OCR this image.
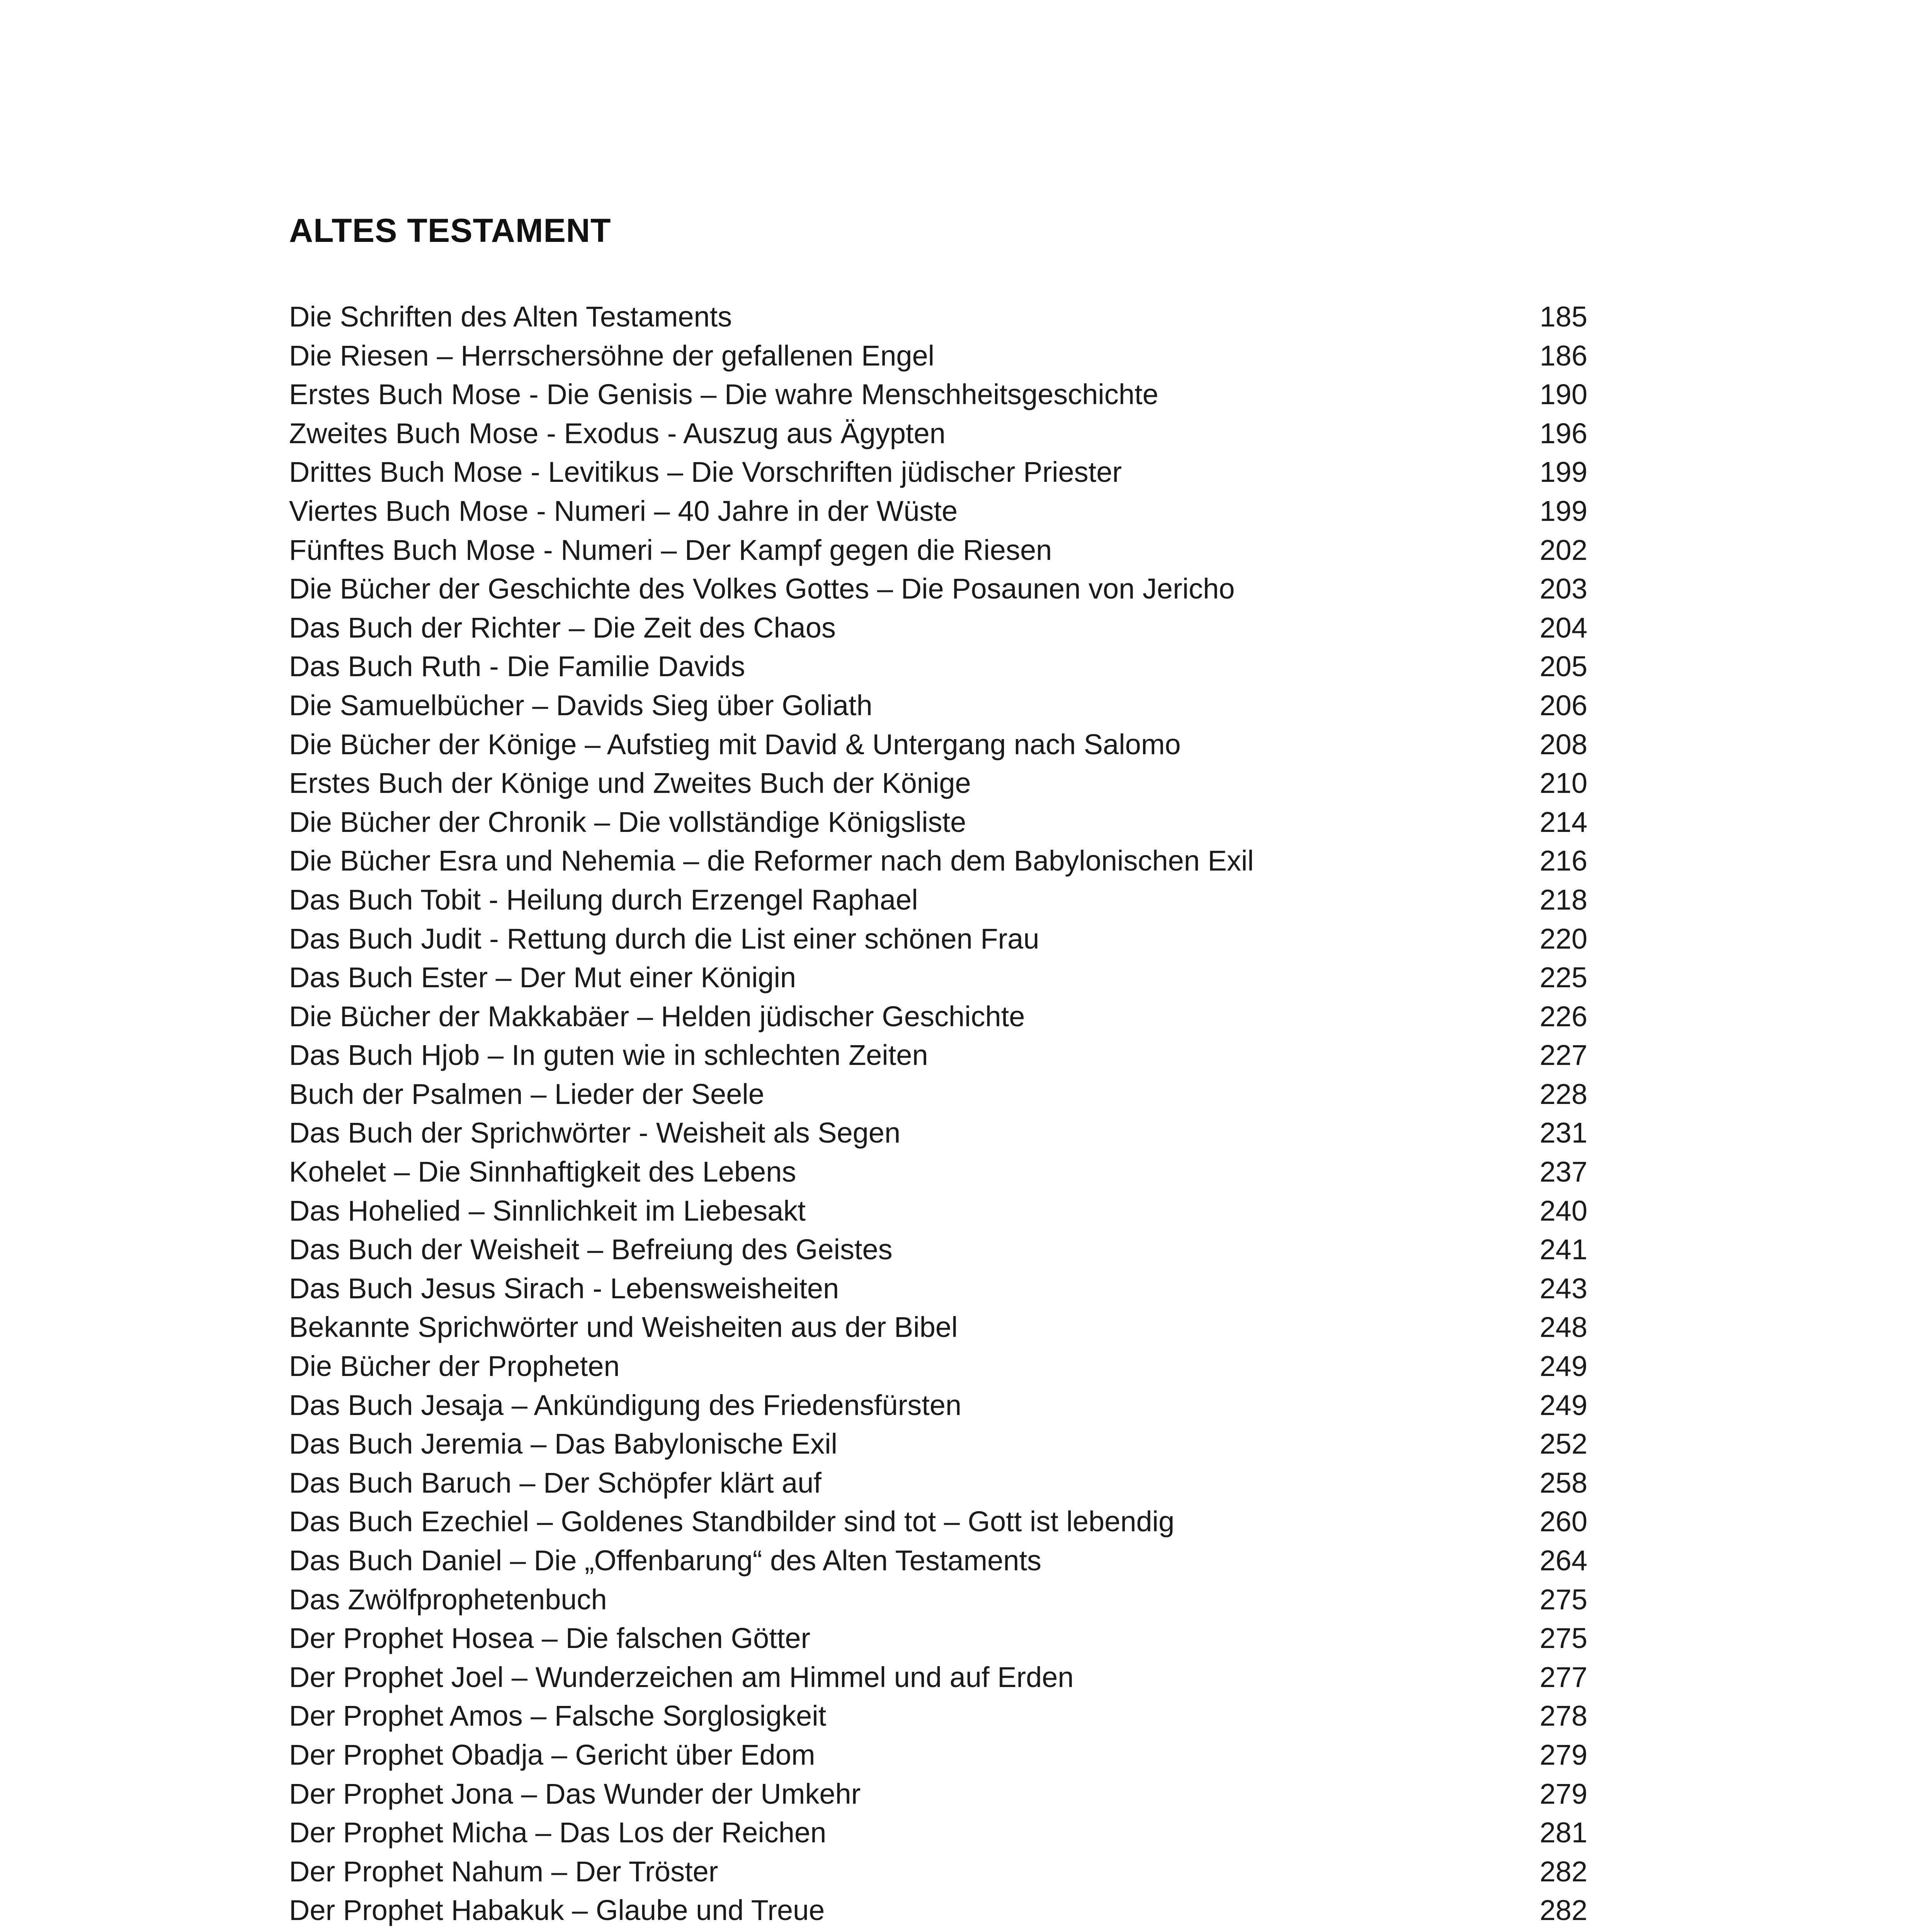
ALTES TESTAMENT
Die Schriften des Alten Testaments	185
Die Riesen – Herrschersöhne der gefallenen Engel	186
Erstes Buch Mose - Die Genisis – Die wahre Menschheitsgeschichte	190
Zweites Buch Mose - Exodus - Auszug aus Ägypten	196
Drittes Buch Mose - Levitikus – Die Vorschriften jüdischer Priester	199
Viertes Buch Mose - Numeri – 40 Jahre in der Wüste	199
Fünftes Buch Mose - Numeri – Der Kampf gegen die Riesen	202
Die Bücher der Geschichte des Volkes Gottes – Die Posaunen von Jericho	203
Das Buch der Richter – Die Zeit des Chaos	204
Das Buch Ruth - Die Familie Davids	205
Die Samuelbücher – Davids Sieg über Goliath	206
Die Bücher der Könige – Aufstieg mit David & Untergang nach Salomo	208
Erstes Buch der Könige und Zweites Buch der Könige	210
Die Bücher der Chronik – Die vollständige Königsliste	214
Die Bücher Esra und Nehemia – die Reformer nach dem Babylonischen Exil	216
Das Buch Tobit - Heilung durch Erzengel Raphael	218
Das Buch Judit - Rettung durch die List einer schönen Frau	220
Das Buch Ester – Der Mut einer Königin	225
Die Bücher der Makkabäer – Helden jüdischer Geschichte	226
Das Buch Hjob – In guten wie in schlechten Zeiten	227
Buch der Psalmen – Lieder der Seele	228
Das Buch der Sprichwörter - Weisheit als Segen	231
Kohelet – Die Sinnhaftigkeit des Lebens	237
Das Hohelied – Sinnlichkeit im Liebesakt	240
Das Buch der Weisheit – Befreiung des Geistes	241
Das Buch Jesus Sirach - Lebensweisheiten	243
Bekannte Sprichwörter und Weisheiten aus der Bibel	248
Die Bücher der Propheten	249
Das Buch Jesaja – Ankündigung des Friedensfürsten	249
Das Buch Jeremia – Das Babylonische Exil	252
Das Buch Baruch – Der Schöpfer klärt auf	258
Das Buch Ezechiel – Goldenes Standbilder sind tot – Gott ist lebendig	260
Das Buch Daniel – Die „Offenbarung“ des Alten Testaments	264
Das Zwölfprophetenbuch	275
Der Prophet Hosea – Die falschen Götter	275
Der Prophet Joel – Wunderzeichen am Himmel und auf Erden	277
Der Prophet Amos – Falsche Sorglosigkeit	278
Der Prophet Obadja – Gericht über Edom	279
Der Prophet Jona – Das Wunder der Umkehr	279
Der Prophet Micha – Das Los der Reichen	281
Der Prophet Nahum – Der Tröster	282
Der Prophet Habakuk – Glaube und Treue	282
